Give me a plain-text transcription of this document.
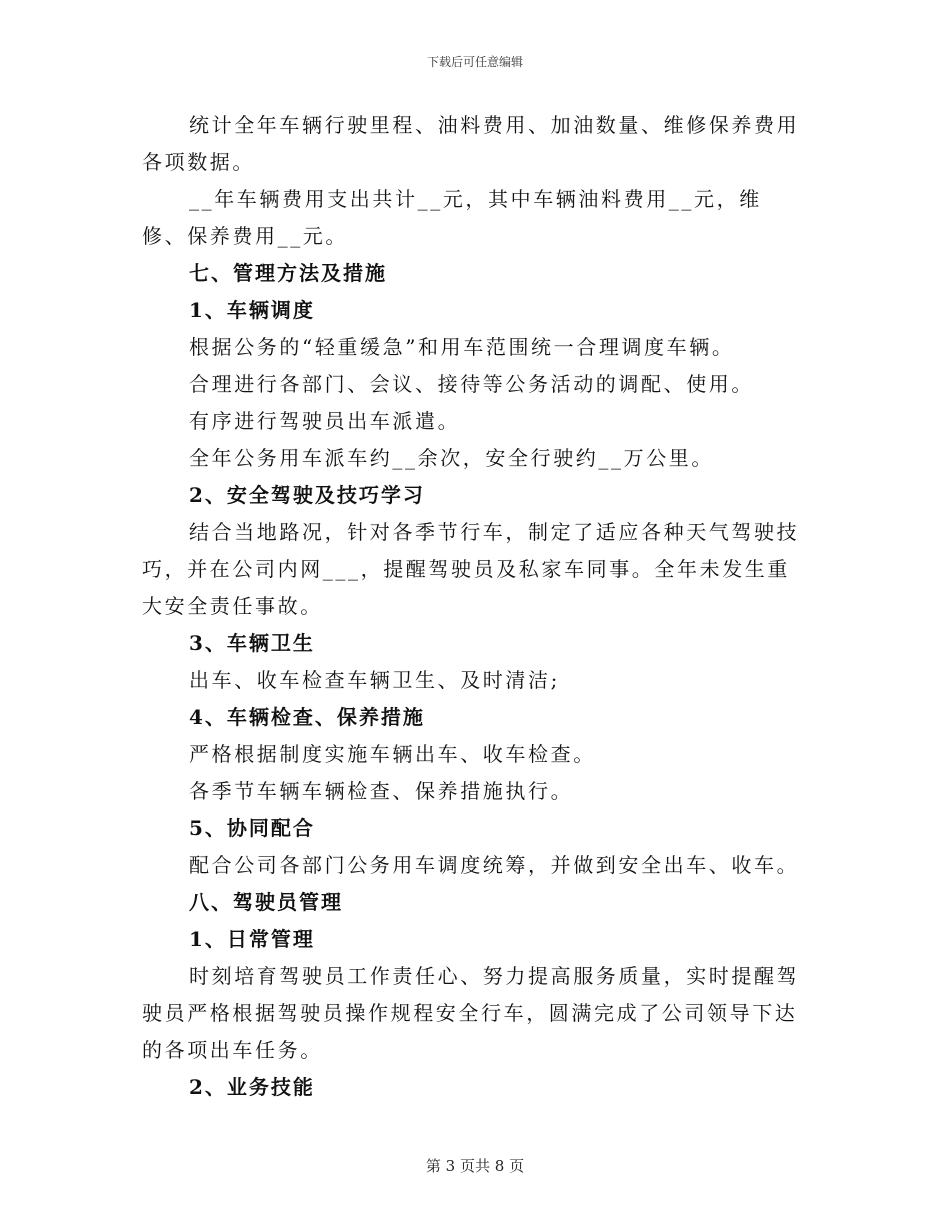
下载后可任意编辑

统计全年车辆行驶里程、油料费用、加油数量、维修保养费用各项数据。

__年车辆费用支出共计__元，其中车辆油料费用__元，维修、保养费用__元。

七、管理方法及措施

1、车辆调度

根据公务的“轻重缓急”和用车范围统一合理调度车辆。

合理进行各部门、会议、接待等公务活动的调配、使用。

有序进行驾驶员出车派遣。

全年公务用车派车约__余次，安全行驶约__万公里。

2、安全驾驶及技巧学习

结合当地路况，针对各季节行车，制定了适应各种天气驾驶技巧，并在公司内网___，提醒驾驶员及私家车同事。全年未发生重大安全责任事故。

3、车辆卫生

出车、收车检查车辆卫生、及时清洁;

4、车辆检查、保养措施

严格根据制度实施车辆出车、收车检查。

各季节车辆车辆检查、保养措施执行。

5、协同配合

配合公司各部门公务用车调度统筹，并做到安全出车、收车。

八、驾驶员管理

1、日常管理

时刻培育驾驶员工作责任心、努力提高服务质量，实时提醒驾驶员严格根据驾驶员操作规程安全行车，圆满完成了公司领导下达的各项出车任务。

2、业务技能

第 3 页共 8 页
